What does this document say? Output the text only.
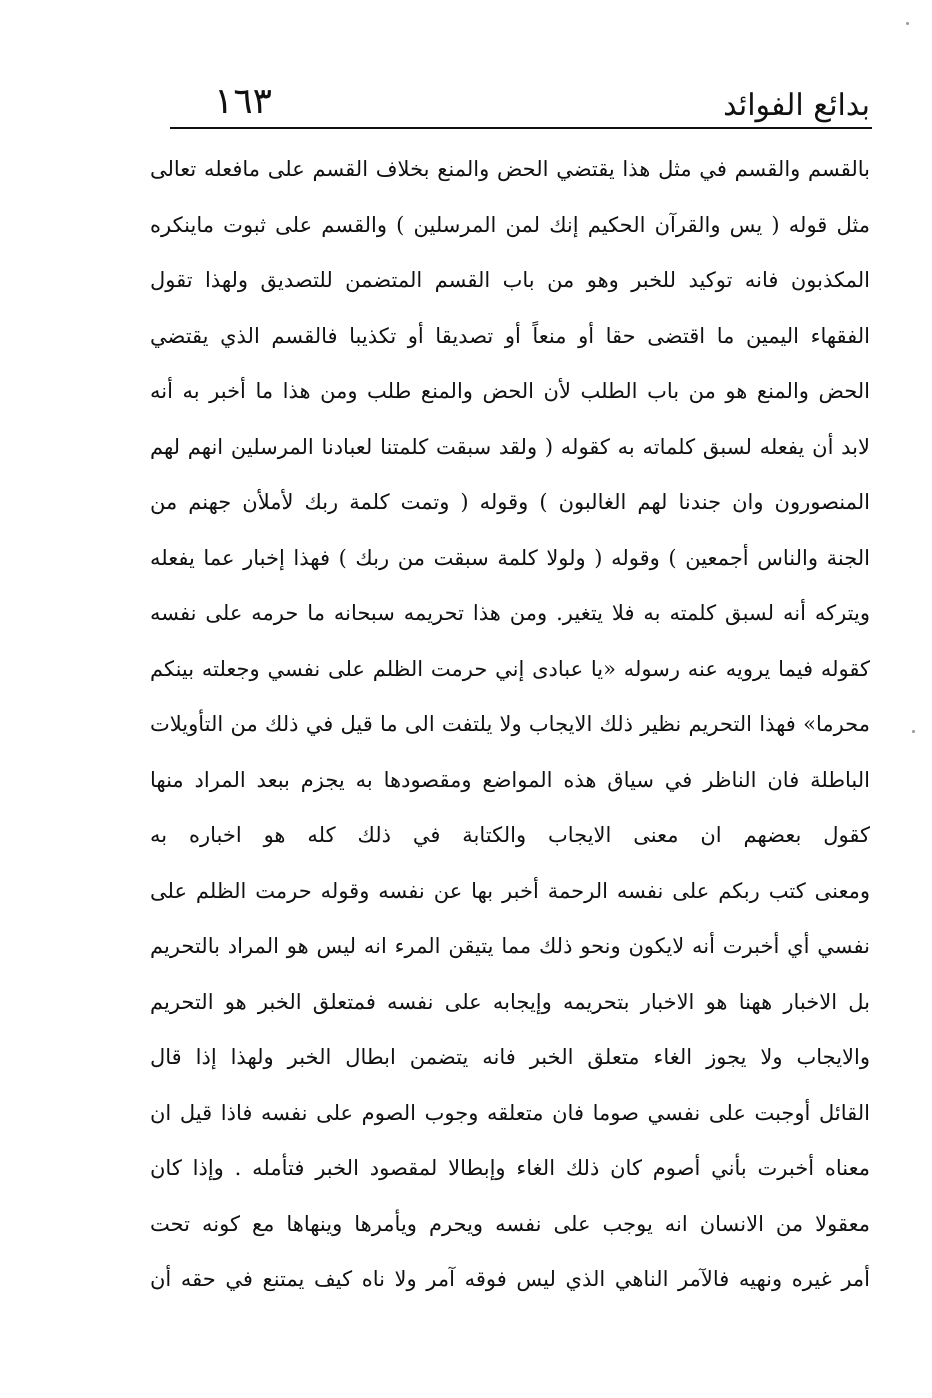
بدائع الفوائد
١٦٣
بالقسم والقسم في مثل هذا يقتضي الحض والمنع بخلاف القسم على مافعله تعالى
مثل قوله ( يس والقرآن الحكيم إنك لمن المرسلين ) والقسم على ثبوت ماينكره
المكذبون فانه توكيد للخبر وهو من باب القسم المتضمن للتصديق ولهذا تقول
الفقهاء اليمين ما اقتضى حقا أو منعاً أو تصديقا أو تكذيبا فالقسم الذي يقتضي
الحض والمنع هو من باب الطلب لأن الحض والمنع طلب ومن هذا ما أخبر به أنه
لابد أن يفعله لسبق كلماته به كقوله ( ولقد سبقت كلمتنا لعبادنا المرسلين انهم لهم
المنصورون وان جندنا لهم الغالبون ) وقوله ( وتمت كلمة ربك لأملأن جهنم من
الجنة والناس أجمعين ) وقوله ( ولولا كلمة سبقت من ربك ) فهذا إخبار عما يفعله
ويتركه أنه لسبق كلمته به فلا يتغير. ومن هذا تحريمه سبحانه ما حرمه على نفسه
كقوله فيما يرويه عنه رسوله «يا عبادى إني حرمت الظلم على نفسي وجعلته بينكم
محرما» فهذا التحريم نظير ذلك الايجاب ولا يلتفت الى ما قيل في ذلك من التأويلات
الباطلة فان الناظر في سياق هذه المواضع ومقصودها به يجزم ببعد المراد منها
كقول بعضهم ان معنى الايجاب والكتابة في ذلك كله هو اخباره به
ومعنى كتب ربكم على نفسه الرحمة أخبر بها عن نفسه وقوله حرمت الظلم على
نفسي أي أخبرت أنه لايكون ونحو ذلك مما يتيقن المرء انه ليس هو المراد بالتحريم
بل الاخبار ههنا هو الاخبار بتحريمه وإيجابه على نفسه فمتعلق الخبر هو التحريم
والايجاب ولا يجوز الغاء متعلق الخبر فانه يتضمن ابطال الخبر ولهذا إذا قال
القائل أوجبت على نفسي صوما فان متعلقه وجوب الصوم على نفسه فاذا قيل ان
معناه أخبرت بأني أصوم كان ذلك الغاء وإبطالا لمقصود الخبر فتأمله . وإذا كان
معقولا من الانسان انه يوجب على نفسه ويحرم ويأمرها وينهاها مع كونه تحت
أمر غيره ونهيه فالآمر الناهي الذي ليس فوقه آمر ولا ناه كيف يمتنع في حقه أن
